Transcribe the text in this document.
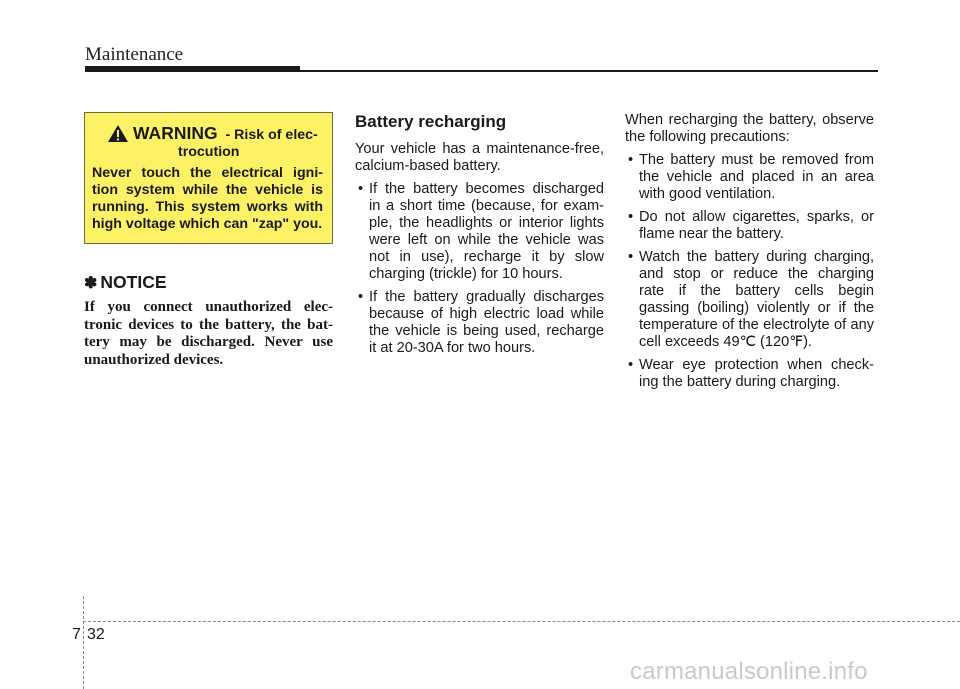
Maintenance
WARNING - Risk of elec-
trocution
Never touch the electrical igni-tion system while the vehicle is running. This system works with high voltage which can "zap" you.
✽ NOTICE
If you connect unauthorized elec-tronic devices to the battery, the bat-tery may be discharged. Never use unauthorized devices.
Battery recharging

Your vehicle has a maintenance-free, calcium-based battery.

• If the battery becomes discharged in a short time (because, for exam-ple, the headlights or interior lights were left on while the vehicle was not in use), recharge it by slow charging (trickle) for 10 hours.
• If the battery gradually discharges because of high electric load while the vehicle is being used, recharge it at 20-30A for two hours.

When recharging the battery, observe the following precautions:

• The battery must be removed from the vehicle and placed in an area with good ventilation.
• Do not allow cigarettes, sparks, or flame near the battery.
• Watch the battery during charging, and stop or reduce the charging rate if the battery cells begin gassing (boiling) violently or if the temperature of the electrolyte of any cell exceeds 49℃ (120℉).
• Wear eye protection when check-ing the battery during charging.
7 32
carmanualsonline.info
